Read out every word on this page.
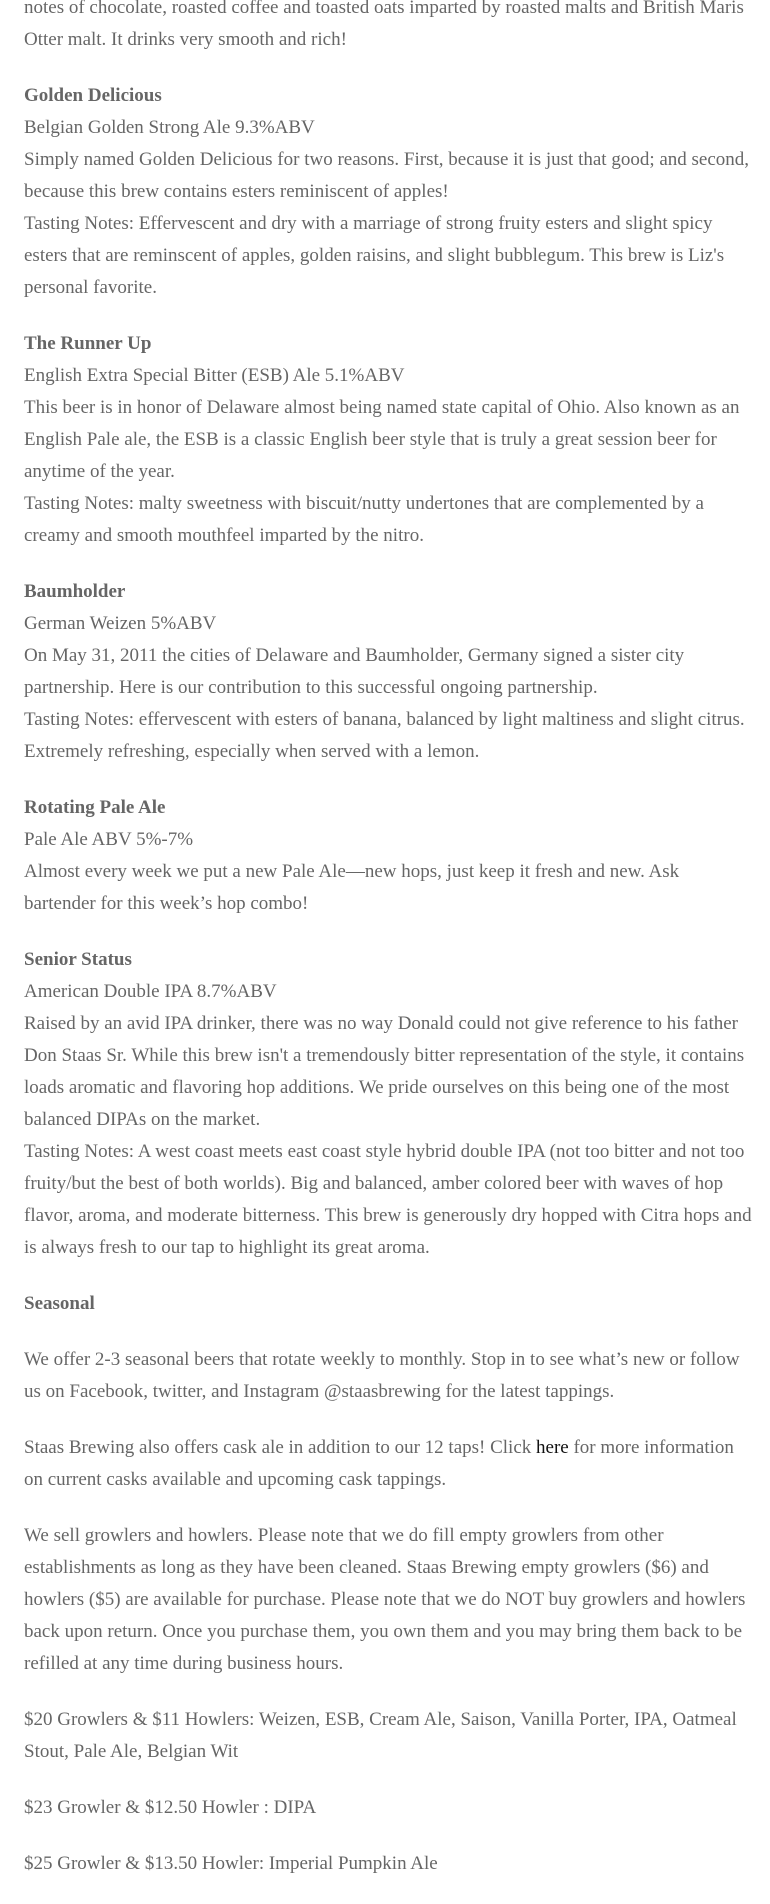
notes of chocolate, roasted coffee and toasted oats imparted by roasted malts and British Maris Otter malt. It drinks very smooth and rich!

Golden Delicious

Belgian Golden Strong Ale 9.3%ABV

Simply named Golden Delicious for two reasons. First, because it is just that good; and second, because this brew contains esters reminiscent of apples!

Tasting Notes: Effervescent and dry with a marriage of strong fruity esters and slight spicy esters that are reminscent of apples, golden raisins, and slight bubblegum. This brew is Liz's personal favorite.

The Runner Up

English Extra Special Bitter (ESB) Ale 5.1%ABV

This beer is in honor of Delaware almost being named state capital of Ohio. Also known as an English Pale ale, the ESB is a classic English beer style that is truly a great session beer for anytime of the year.

Tasting Notes: malty sweetness with biscuit/nutty undertones that are complemented by a creamy and smooth mouthfeel imparted by the nitro.

Baumholder

German Weizen 5%ABV

On May 31, 2011 the cities of Delaware and Baumholder, Germany signed a sister city partnership. Here is our contribution to this successful ongoing partnership.

Tasting Notes: effervescent with esters of banana, balanced by light maltiness and slight citrus. Extremely refreshing, especially when served with a lemon.

Rotating Pale Ale

Pale Ale ABV 5%-7%

Almost every week we put a new Pale Ale—new hops, just keep it fresh and new. Ask bartender for this week’s hop combo!

Senior Status

American Double IPA 8.7%ABV

Raised by an avid IPA drinker, there was no way Donald could not give reference to his father Don Staas Sr. While this brew isn't a tremendously bitter representation of the style, it contains loads aromatic and flavoring hop additions. We pride ourselves on this being one of the most balanced DIPAs on the market.

Tasting Notes: A west coast meets east coast style hybrid double IPA (not too bitter and not too fruity/but the best of both worlds). Big and balanced, amber colored beer with waves of hop flavor, aroma, and moderate bitterness. This brew is generously dry hopped with Citra hops and is always fresh to our tap to highlight its great aroma.

Seasonal

We offer 2-3 seasonal beers that rotate weekly to monthly. Stop in to see what’s new or follow us on Facebook, twitter, and Instagram @staasbrewing for the latest tappings.

Staas Brewing also offers cask ale in addition to our 12 taps! Click here for more information on current casks available and upcoming cask tappings.

We sell growlers and howlers. Please note that we do fill empty growlers from other establishments as long as they have been cleaned. Staas Brewing empty growlers ($6) and howlers ($5) are available for purchase. Please note that we do NOT buy growlers and howlers back upon return. Once you purchase them, you own them and you may bring them back to be refilled at any time during business hours.

$20 Growlers & $11 Howlers: Weizen, ESB, Cream Ale, Saison, Vanilla Porter, IPA, Oatmeal Stout, Pale Ale, Belgian Wit

$23 Growler & $12.50 Howler : DIPA

$25 Growler & $13.50 Howler: Imperial Pumpkin Ale
